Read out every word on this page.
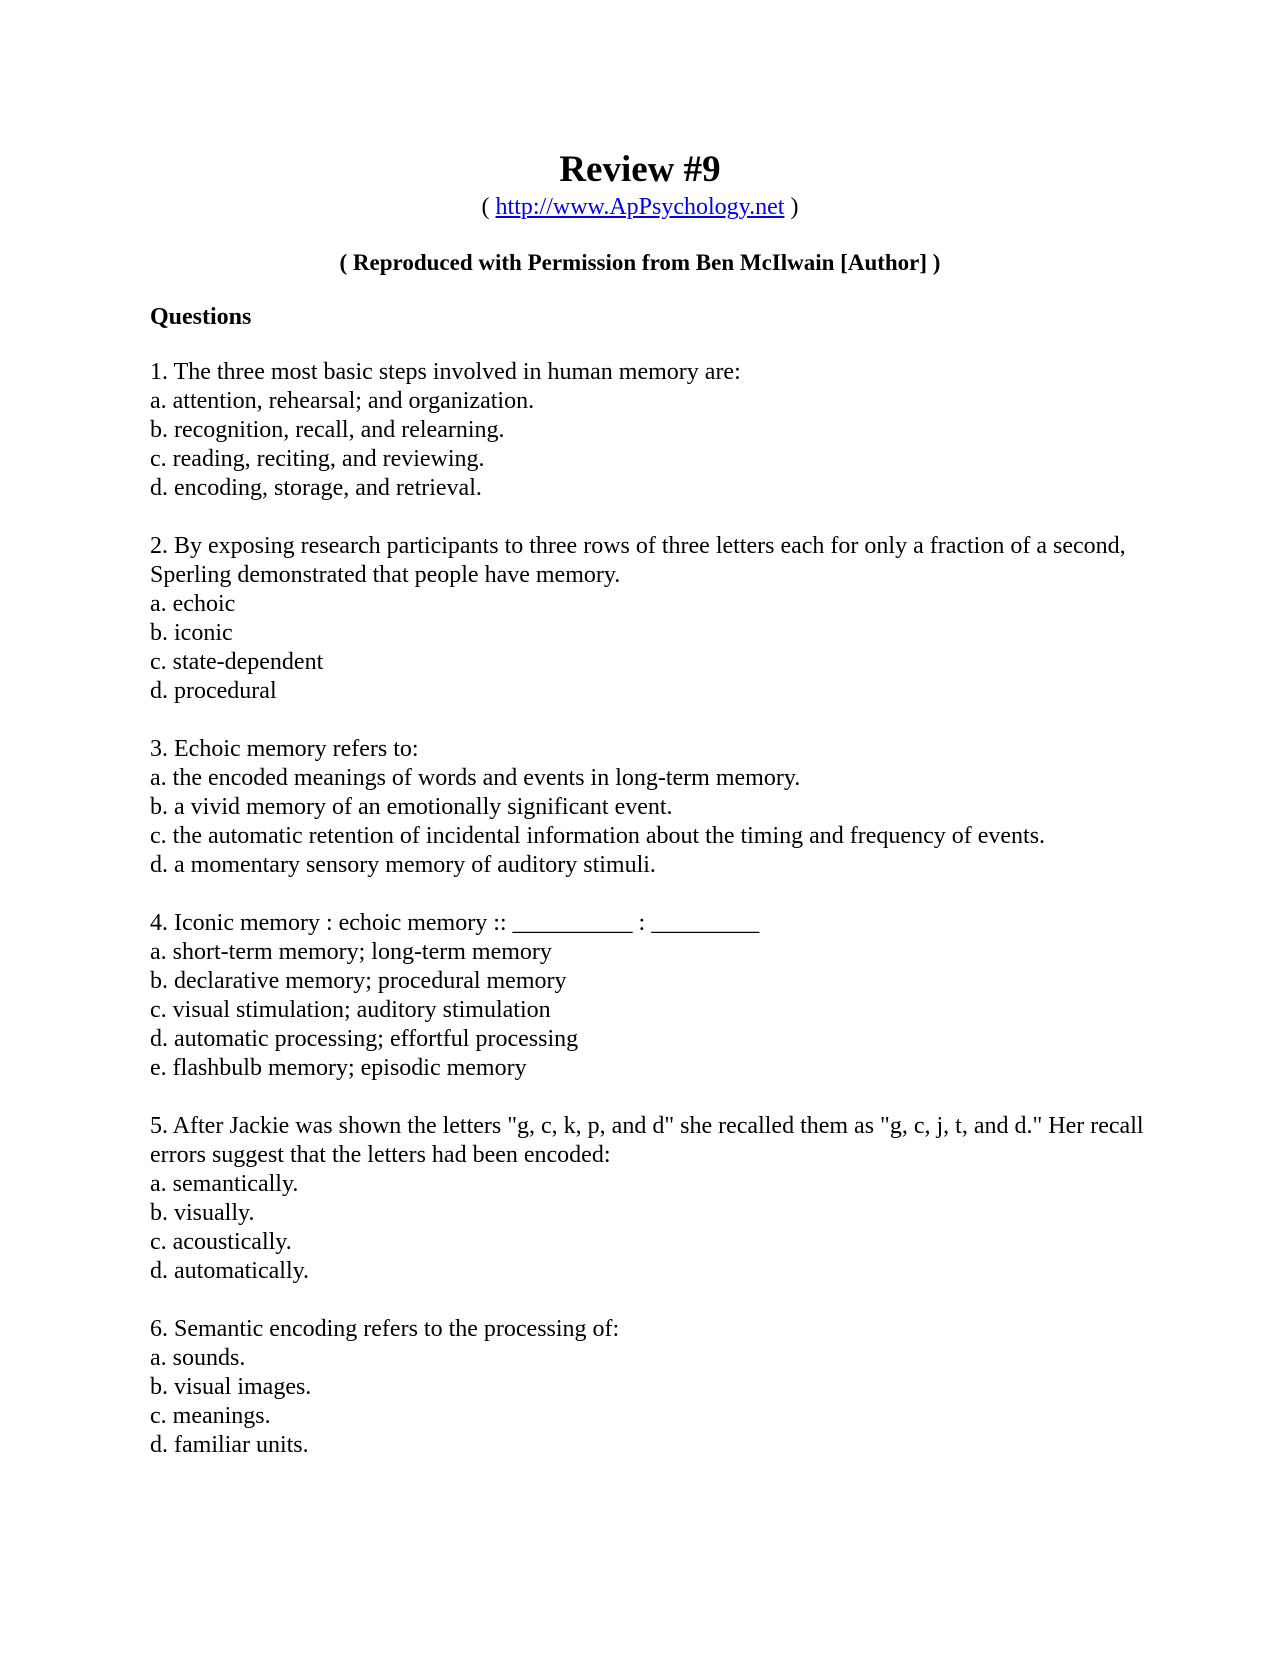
Review #9
( http://www.ApPsychology.net )
( Reproduced with Permission from Ben McIlwain [Author] )
Questions
1. The three most basic steps involved in human memory are:
a. attention, rehearsal; and organization.
b. recognition, recall, and relearning.
c. reading, reciting, and reviewing.
d. encoding, storage, and retrieval.
2. By exposing research participants to three rows of three letters each for only a fraction of a second, Sperling demonstrated that people have memory.
a. echoic
b. iconic
c. state-dependent
d. procedural
3. Echoic memory refers to:
a. the encoded meanings of words and events in long-term memory.
b. a vivid memory of an emotionally significant event.
c. the automatic retention of incidental information about the timing and frequency of events.
d. a momentary sensory memory of auditory stimuli.
4. Iconic memory : echoic memory :: __________ : _________
a. short-term memory; long-term memory
b. declarative memory; procedural memory
c. visual stimulation; auditory stimulation
d. automatic processing; effortful processing
e. flashbulb memory; episodic memory
5. After Jackie was shown the letters "g, c, k, p, and d" she recalled them as "g, c, j, t, and d." Her recall errors suggest that the letters had been encoded:
a. semantically.
b. visually.
c. acoustically.
d. automatically.
6. Semantic encoding refers to the processing of:
a. sounds.
b. visual images.
c. meanings.
d. familiar units.
